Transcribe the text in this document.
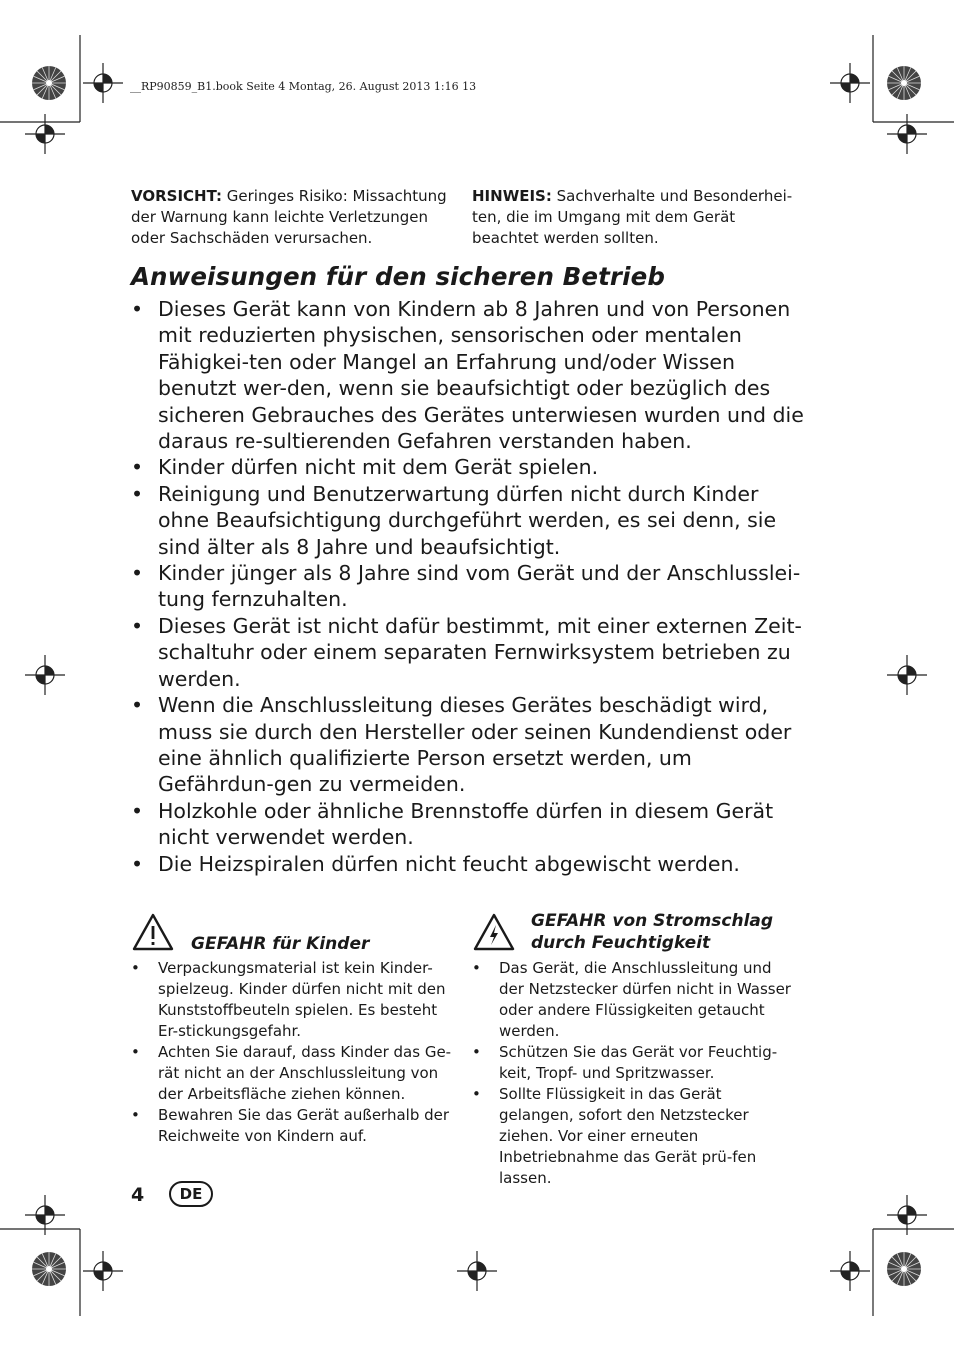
__RP90859_B1.book Seite 4 Montag, 26. August 2013 1:16 13
VORSICHT: Geringes Risiko: Missachtung der Warnung kann leichte Verletzungen oder Sachschäden verursachen.
HINWEIS: Sachverhalte und Besonderhei-ten, die im Umgang mit dem Gerät beachtet werden sollten.
Anweisungen für den sicheren Betrieb
• Dieses Gerät kann von Kindern ab 8 Jahren und von Personen mit reduzierten physischen, sensorischen oder mentalen Fähigkei-ten oder Mangel an Erfahrung und/oder Wissen benutzt wer-den, wenn sie beaufsichtigt oder bezüglich des sicheren Gebrauches des Gerätes unterwiesen wurden und die daraus re-sultierenden Gefahren verstanden haben.
• Kinder dürfen nicht mit dem Gerät spielen.
• Reinigung und Benutzerwartung dürfen nicht durch Kinder ohne Beaufsichtigung durchgeführt werden, es sei denn, sie sind älter als 8 Jahre und beaufsichtigt.
• Kinder jünger als 8 Jahre sind vom Gerät und der Anschlusslei-tung fernzuhalten.
• Dieses Gerät ist nicht dafür bestimmt, mit einer externen Zeit-schaltuhr oder einem separaten Fernwirksystem betrieben zu werden.
• Wenn die Anschlussleitung dieses Gerätes beschädigt wird, muss sie durch den Hersteller oder seinen Kundendienst oder eine ähnlich qualifizierte Person ersetzt werden, um Gefährdun-gen zu vermeiden.
• Holzkohle oder ähnliche Brennstoffe dürfen in diesem Gerät nicht verwendet werden.
• Die Heizspiralen dürfen nicht feucht abgewischt werden.
GEFAHR für Kinder
• Verpackungsmaterial ist kein Kinder-spielzeug. Kinder dürfen nicht mit den Kunststoffbeuteln spielen. Es besteht Er-stickungsgefahr.
• Achten Sie darauf, dass Kinder das Ge-rät nicht an der Anschlussleitung von der Arbeitsfläche ziehen können.
• Bewahren Sie das Gerät außerhalb der Reichweite von Kindern auf.
GEFAHR von Stromschlag
durch Feuchtigkeit
• Das Gerät, die Anschlussleitung und der Netzstecker dürfen nicht in Wasser oder andere Flüssigkeiten getaucht werden.
• Schützen Sie das Gerät vor Feuchtig-keit, Tropf- und Spritzwasser.
• Sollte Flüssigkeit in das Gerät gelangen, sofort den Netzstecker ziehen. Vor einer erneuten Inbetriebnahme das Gerät prü-fen lassen.
4	DE
